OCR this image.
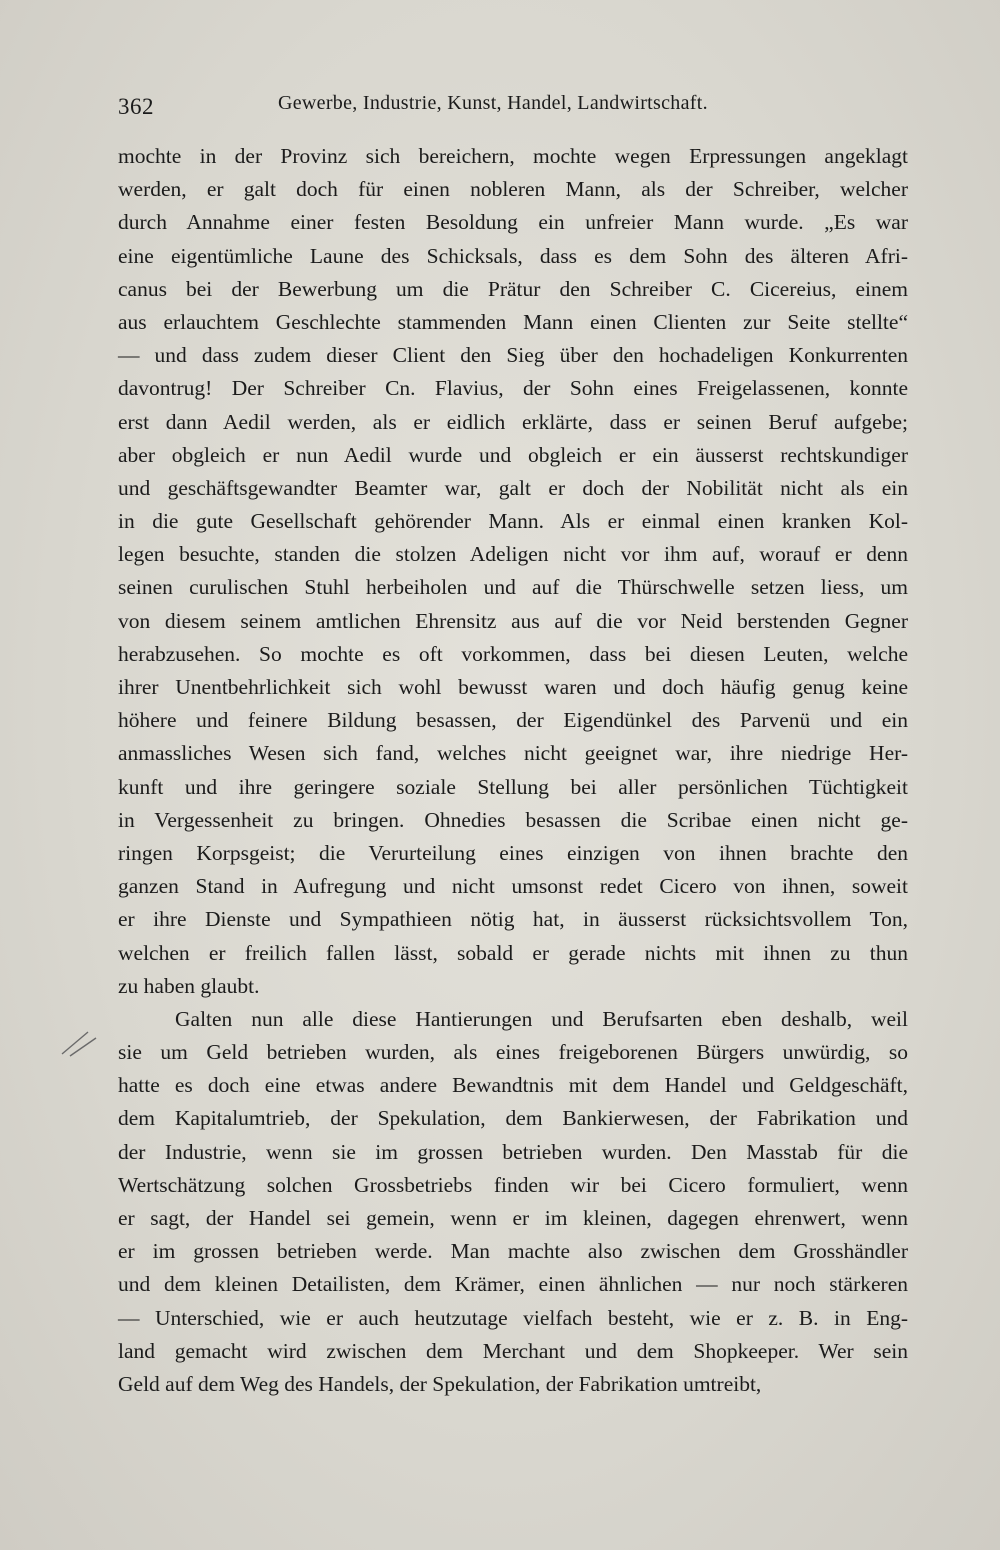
362	Gewerbe, Industrie, Kunst, Handel, Landwirtschaft.
mochte in der Provinz sich bereichern, mochte wegen Erpressungen angeklagt
werden, er galt doch für einen nobleren Mann, als der Schreiber, welcher
durch Annahme einer festen Besoldung ein unfreier Mann wurde. „Es war
eine eigentümliche Laune des Schicksals, dass es dem Sohn des älteren Afri-
canus bei der Bewerbung um die Prätur den Schreiber C. Cicereius, einem
aus erlauchtem Geschlechte stammenden Mann einen Clienten zur Seite stellte“
— und dass zudem dieser Client den Sieg über den hochadeligen Konkurrenten
davontrug! Der Schreiber Cn. Flavius, der Sohn eines Freigelassenen, konnte
erst dann Aedil werden, als er eidlich erklärte, dass er seinen Beruf aufgebe;
aber obgleich er nun Aedil wurde und obgleich er ein äusserst rechtskundiger
und geschäftsgewandter Beamter war, galt er doch der Nobilität nicht als ein
in die gute Gesellschaft gehörender Mann. Als er einmal einen kranken Kol-
legen besuchte, standen die stolzen Adeligen nicht vor ihm auf, worauf er denn
seinen curulischen Stuhl herbeiholen und auf die Thürschwelle setzen liess, um
von diesem seinem amtlichen Ehrensitz aus auf die vor Neid berstenden Gegner
herabzusehen. So mochte es oft vorkommen, dass bei diesen Leuten, welche
ihrer Unentbehrlichkeit sich wohl bewusst waren und doch häufig genug keine
höhere und feinere Bildung besassen, der Eigendünkel des Parvenü und ein
anmassliches Wesen sich fand, welches nicht geeignet war, ihre niedrige Her-
kunft und ihre geringere soziale Stellung bei aller persönlichen Tüchtigkeit
in Vergessenheit zu bringen. Ohnedies besassen die Scribae einen nicht ge-
ringen Korpsgeist; die Verurteilung eines einzigen von ihnen brachte den
ganzen Stand in Aufregung und nicht umsonst redet Cicero von ihnen, soweit
er ihre Dienste und Sympathieen nötig hat, in äusserst rücksichtsvollem Ton,
welchen er freilich fallen lässt, sobald er gerade nichts mit ihnen zu thun
zu haben glaubt.
Galten nun alle diese Hantierungen und Berufsarten eben deshalb, weil
sie um Geld betrieben wurden, als eines freigeborenen Bürgers unwürdig, so
hatte es doch eine etwas andere Bewandtnis mit dem Handel und Geldgeschäft,
dem Kapitalumtrieb, der Spekulation, dem Bankierwesen, der Fabrikation und
der Industrie, wenn sie im grossen betrieben wurden. Den Masstab für die
Wertschätzung solchen Grossbetriebs finden wir bei Cicero formuliert, wenn
er sagt, der Handel sei gemein, wenn er im kleinen, dagegen ehrenwert, wenn
er im grossen betrieben werde. Man machte also zwischen dem Grosshändler
und dem kleinen Detailisten, dem Krämer, einen ähnlichen — nur noch stärkeren
— Unterschied, wie er auch heutzutage vielfach besteht, wie er z. B. in Eng-
land gemacht wird zwischen dem Merchant und dem Shopkeeper. Wer sein
Geld auf dem Weg des Handels, der Spekulation, der Fabrikation umtreibt,
